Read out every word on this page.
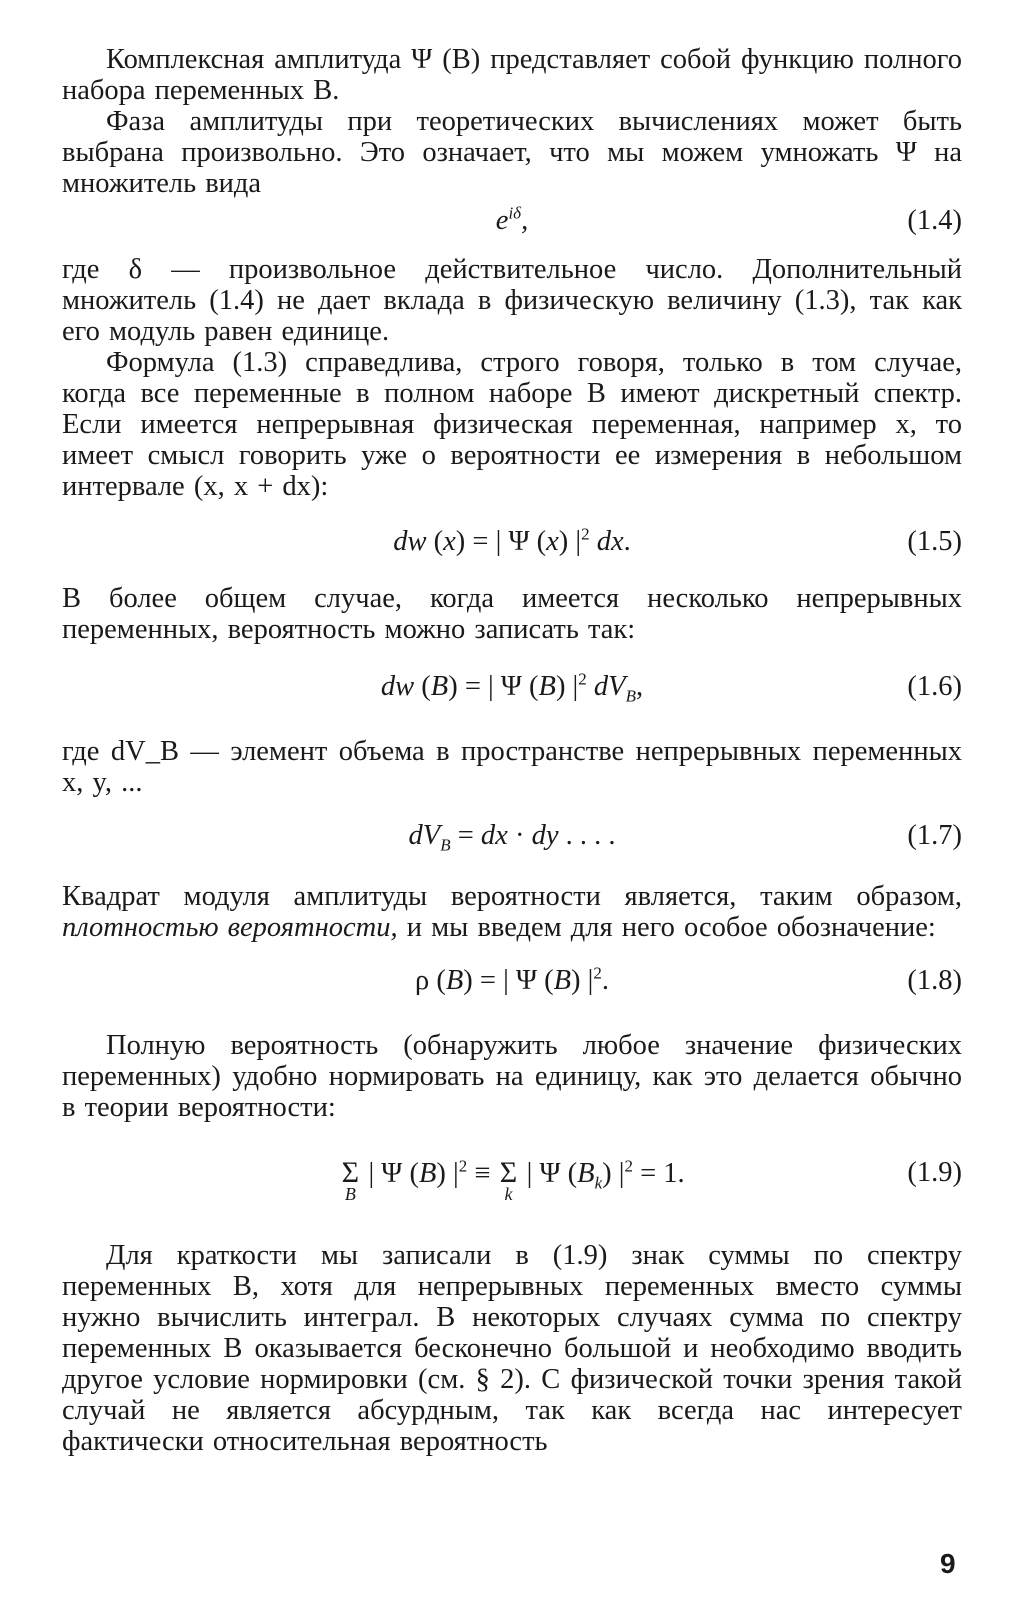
Комплексная амплитуда Ψ (B) представляет собой функцию полного набора переменных B.

Фаза амплитуды при теоретических вычислениях может быть выбрана произвольно. Это означает, что мы можем умножать Ψ на множитель вида

$e^{i\delta}$,	(1.4)

где δ — произвольное действительное число. Дополнительный множитель (1.4) не дает вклада в физическую величину (1.3), так как его модуль равен единице.

Формула (1.3) справедлива, строго говоря, только в том случае, когда все переменные в полном наборе B имеют дискретный спектр. Если имеется непрерывная физическая переменная, например x, то имеет смысл говорить уже о вероятности ее измерения в небольшом интервале (x, x + dx):

dw (x) = | Ψ (x) $|^2$ dx.	(1.5)

В более общем случае, когда имеется несколько непрерывных переменных, вероятность можно записать так:

dw (B) = | Ψ (B) $|^2$ $dV_B$,	(1.6)

где dV_B — элемент объема в пространстве непрерывных переменных x, y, ...

$dV_B$ = dx · dy . . . .	(1.7)

Квадрат модуля амплитуды вероятности является, таким образом, плотностью вероятности, и мы введем для него особое обозначение:

ρ (B) = | Ψ (B) $|^2$.	(1.8)

Полную вероятность (обнаружить любое значение физических переменных) удобно нормировать на единицу, как это делается обычно в теории вероятности:

Σ
B
| Ψ (B) $|^2 \equiv \Sigma$
k
| Ψ $(B_k) |^2 = 1$.	(1.9)

Для краткости мы записали в (1.9) знак суммы по спектру переменных B, хотя для непрерывных переменных вместо суммы нужно вычислить интеграл. В некоторых случаях сумма по спектру переменных B оказывается бесконечно большой и необходимо вводить другое условие нормировки (см. § 2). С физической точки зрения такой случай не является абсурдным, так как всегда нас интересует фактически относительная вероятность

9
